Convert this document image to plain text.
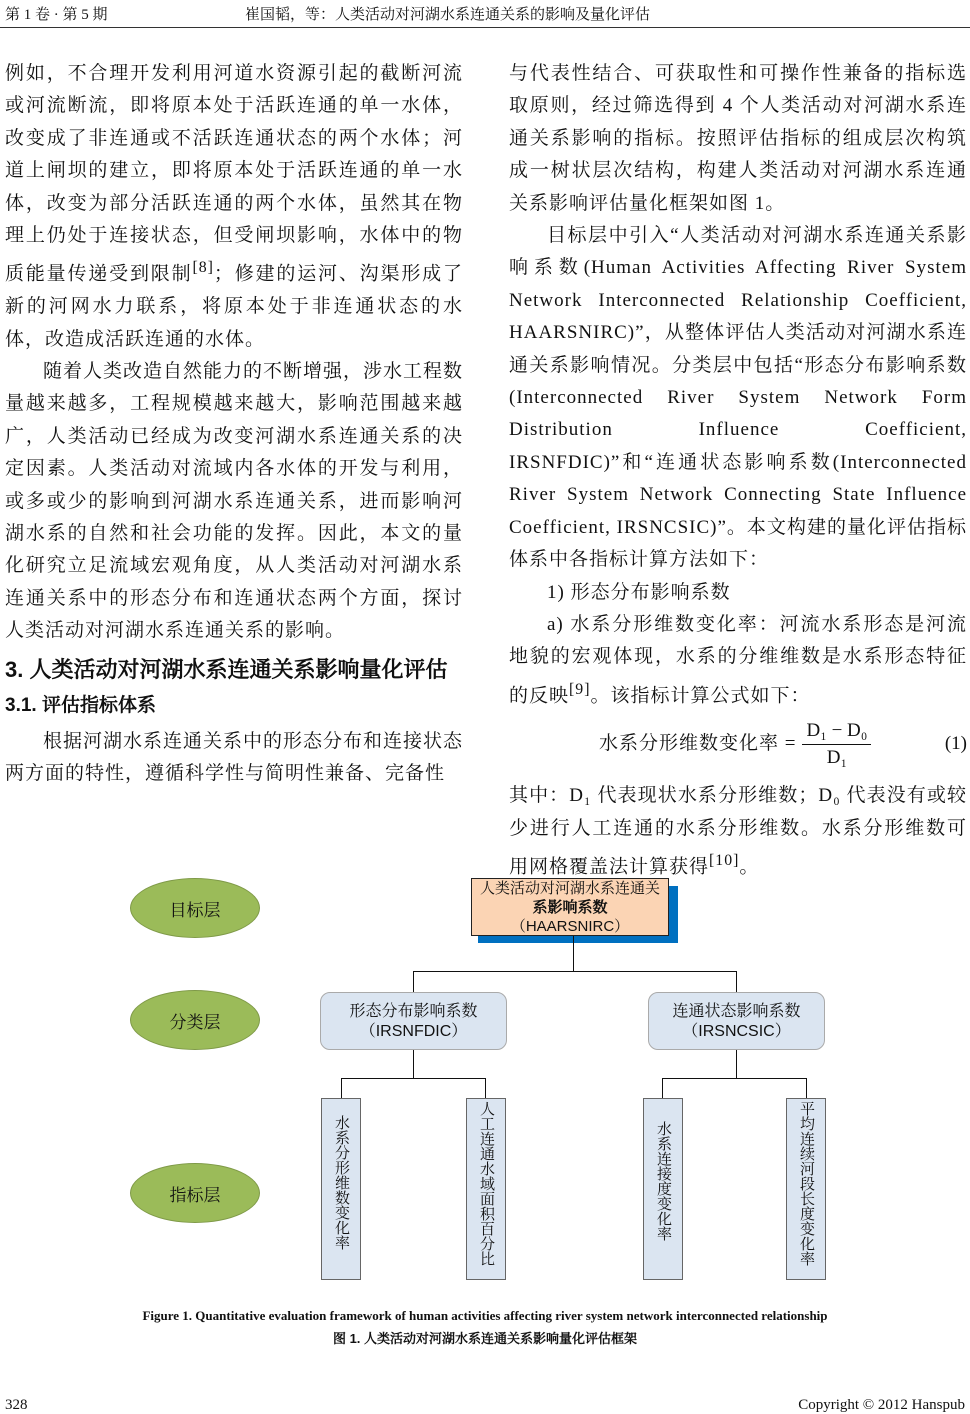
第 1 卷 · 第 5 期	崔国韬，等：人类活动对河湖水系连通关系的影响及量化评估

例如，不合理开发利用河道水资源引起的截断河流或河流断流，即将原本处于活跃连通的单一水体，改变成了非连通或不活跃连通状态的两个水体；河道上闸坝的建立，即将原本处于活跃连通的单一水体，改变为部分活跃连通的两个水体，虽然其在物理上仍处于连接状态，但受闸坝影响，水体中的物质能量传递受到限制[8]；修建的运河、沟渠形成了新的河网水力联系，将原本处于非连通状态的水体，改造成活跃连通的水体。

随着人类改造自然能力的不断增强，涉水工程数量越来越多，工程规模越来越大，影响范围越来越广，人类活动已经成为改变河湖水系连通关系的决定因素。人类活动对流域内各水体的开发与利用，或多或少的影响到河湖水系连通关系，进而影响河湖水系的自然和社会功能的发挥。因此，本文的量化研究立足流域宏观角度，从人类活动对河湖水系连通关系中的形态分布和连通状态两个方面，探讨人类活动对河湖水系连通关系的影响。

3. 人类活动对河湖水系连通关系影响量化评估
3.1. 评估指标体系

根据河湖水系连通关系中的形态分布和连接状态两方面的特性，遵循科学性与简明性兼备、完备性

与代表性结合、可获取性和可操作性兼备的指标选取原则，经过筛选得到 4 个人类活动对河湖水系连通关系影响的指标。按照评估指标的组成层次构筑成一树状层次结构，构建人类活动对河湖水系连通关系影响评估量化框架如图 1。

目标层中引入“人类活动对河湖水系连通关系影响系数(Human Activities Affecting River System Network Interconnected Relationship Coefficient, HAARSNIRC)”，从整体评估人类活动对河湖水系连通关系影响情况。分类层中包括“形态分布影响系数(Interconnected River System Network Form Distribution Influence Coefficient, IRSNFDIC)”和“连通状态影响系数(Interconnected River System Network Connecting State Influence Coefficient, IRSNCSIC)”。本文构建的量化评估指标体系中各指标计算方法如下：

1) 形态分布影响系数

a) 水系分形维数变化率：河流水系形态是河流地貌的宏观体现，水系的分维维数是水系形态特征的反映[9]。该指标计算公式如下：

水系分形维数变化率 = $\frac{\text{D₁ − D₀}}{\text{D₁}}$	(1)

其中：D₁ 代表现状水系分形维数；D₀ 代表没有或较少进行人工连通的水系分形维数。水系分形维数可用网格覆盖法计算获得[10]。

目标层
分类层
指标层
人类活动对河湖水系连通关
系影响系数
（HAARSNIRC）
形态分布影响系数
（IRSNFDIC）
连通状态影响系数
（IRSNCSIC）
水系分形维数变化率	人工连通水域面积百分比	水系连接度变化率	平均连续河段长度变化率
Figure 1. Quantitative evaluation framework of human activities affecting river system network interconnected relationship
图 1. 人类活动对河湖水系连通关系影响量化评估框架
328	Copyright © 2012 Hanspub
